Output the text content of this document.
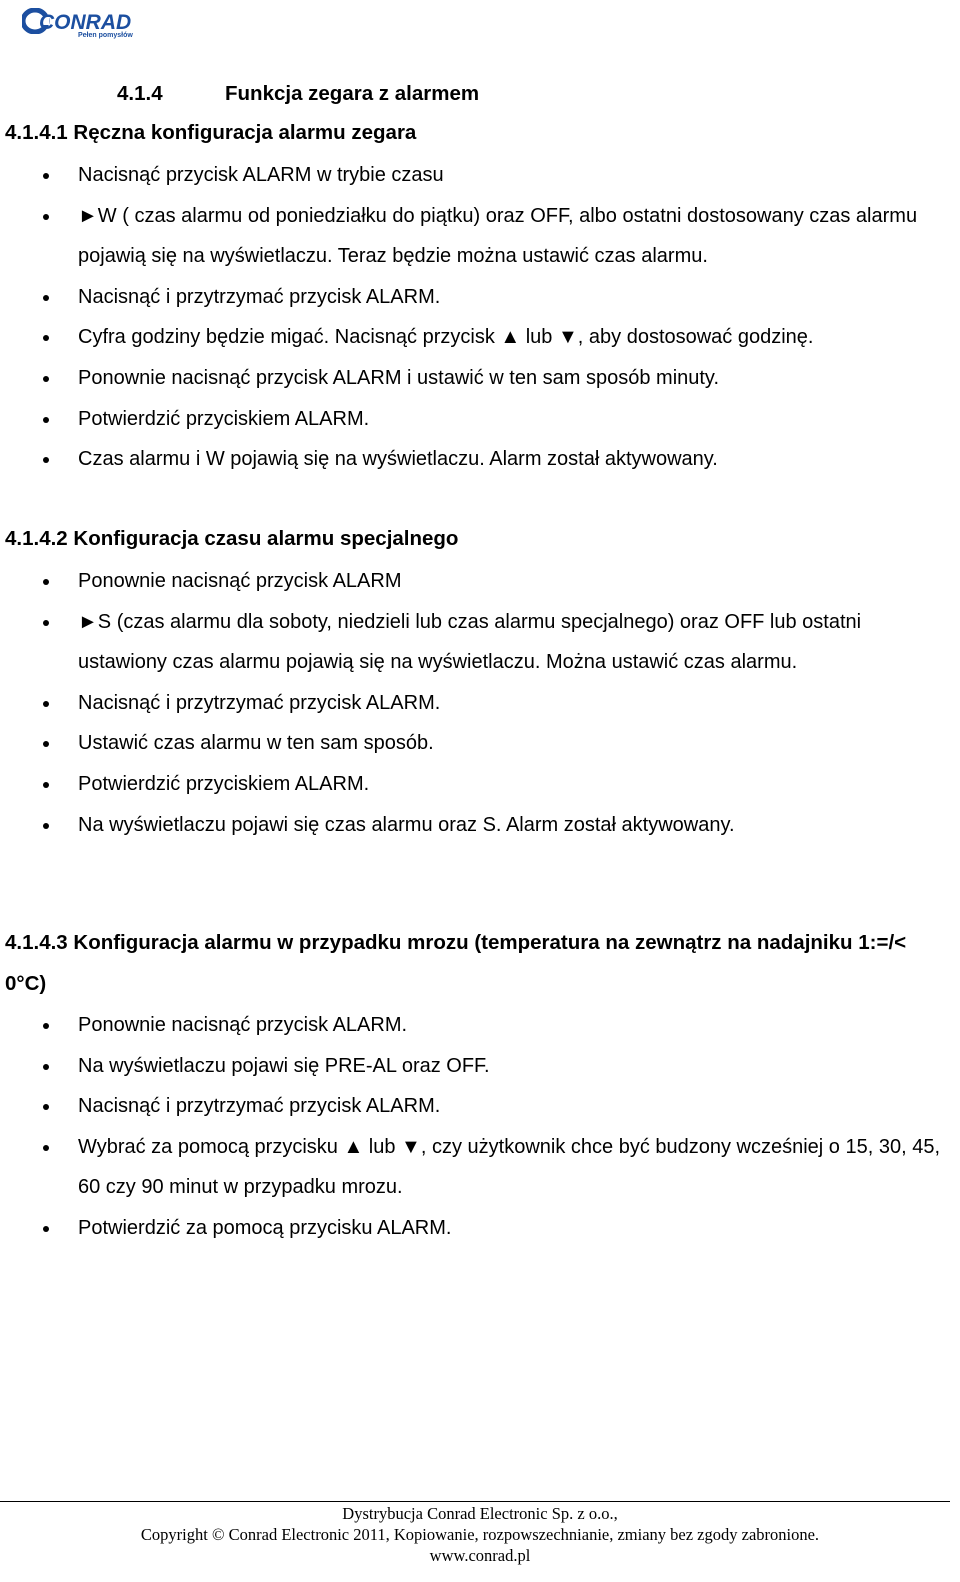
CONRAD
Pełen pomysłów
4.1.4	Funkcja zegara z alarmem
4.1.4.1 Ręczna konfiguracja alarmu zegara
Nacisnąć przycisk ALARM w trybie czasu
►W ( czas alarmu od poniedziałku do piątku) oraz OFF, albo ostatni dostosowany czas alarmu pojawią się na wyświetlaczu. Teraz będzie można ustawić czas alarmu.
Nacisnąć i przytrzymać przycisk ALARM.
Cyfra godziny będzie migać. Nacisnąć przycisk ▲ lub ▼, aby dostosować godzinę.
Ponownie nacisnąć przycisk ALARM i ustawić w ten sam sposób minuty.
Potwierdzić przyciskiem ALARM.
Czas alarmu i W pojawią się na wyświetlaczu. Alarm został aktywowany.
4.1.4.2 Konfiguracja czasu alarmu specjalnego
Ponownie nacisnąć przycisk ALARM
►S (czas alarmu dla soboty, niedzieli lub czas alarmu specjalnego) oraz OFF lub ostatni ustawiony czas alarmu pojawią się na wyświetlaczu. Można ustawić czas alarmu.
Nacisnąć i przytrzymać przycisk ALARM.
Ustawić czas alarmu w ten sam sposób.
Potwierdzić przyciskiem ALARM.
Na wyświetlaczu pojawi się czas alarmu oraz S. Alarm został aktywowany.
4.1.4.3 Konfiguracja alarmu w przypadku mrozu (temperatura na zewnątrz na nadajniku 1:=/< 0°C)
Ponownie nacisnąć przycisk ALARM.
Na wyświetlaczu pojawi się PRE-AL oraz OFF.
Nacisnąć i przytrzymać przycisk ALARM.
Wybrać za pomocą przycisku ▲ lub ▼, czy użytkownik chce być budzony wcześniej o 15, 30, 45, 60 czy 90 minut w przypadku mrozu.
Potwierdzić za pomocą przycisku ALARM.
Dystrybucja Conrad Electronic Sp. z o.o.,
Copyright © Conrad Electronic 2011, Kopiowanie, rozpowszechnianie, zmiany bez zgody zabronione.
www.conrad.pl
